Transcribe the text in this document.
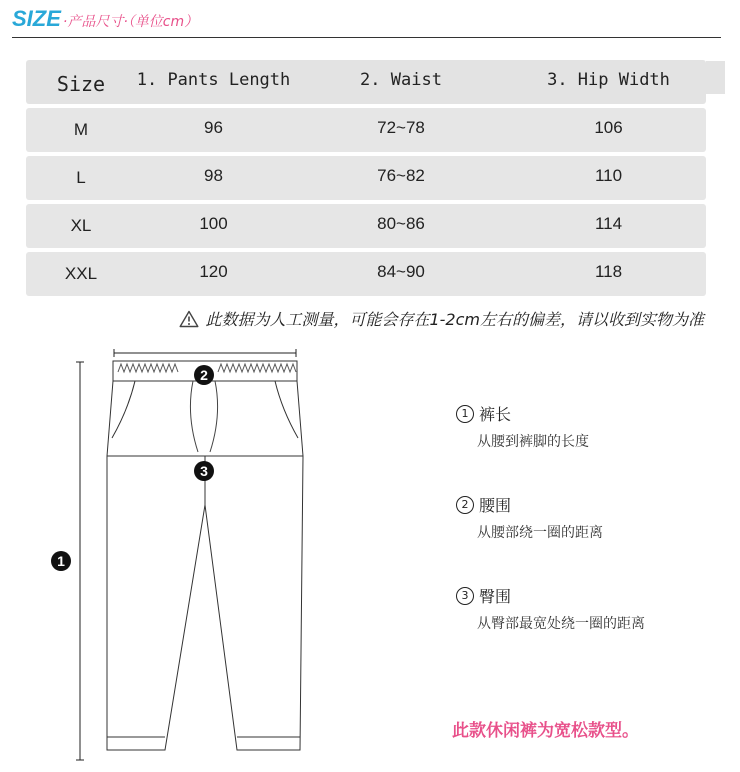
SIZE ·产品尺寸·（单位cm）
Size	1. Pants Length	2. Waist	3. Hip Width
M	96	72~78	106
L	98	76~82	110
XL	100	80~86	114
XXL	120	84~90	118
此数据为人工测量，可能会存在1-2cm左右的偏差，请以收到实物为准
1
2
3
1 裤长
从腰到裤脚的长度
2 腰围
从腰部绕一圈的距离
3 臀围
从臀部最宽处绕一圈的距离
此款休闲裤为宽松款型。
